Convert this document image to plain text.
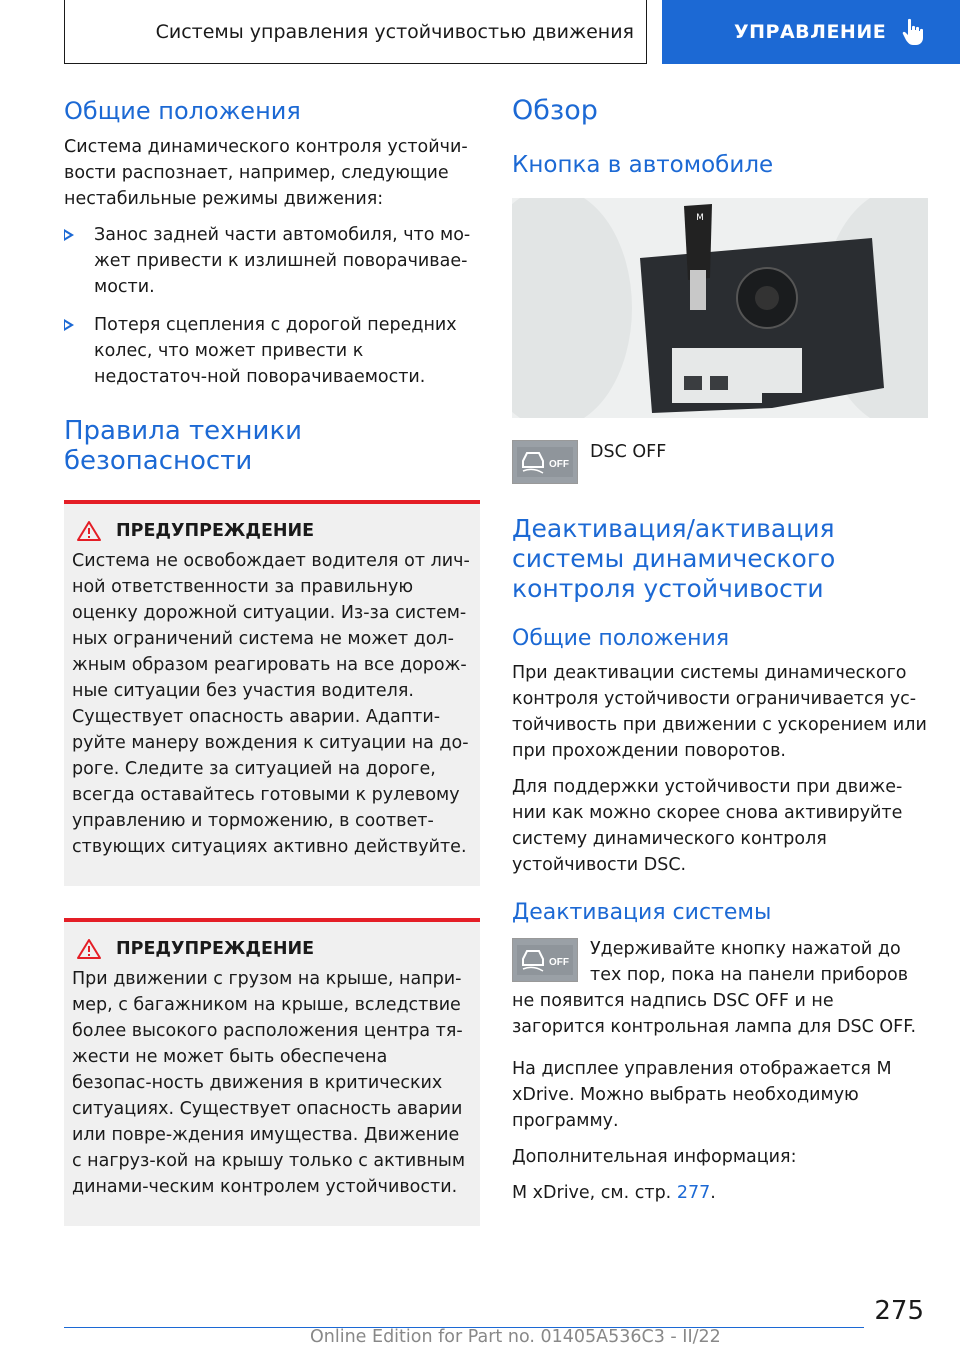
Системы управления устойчивостью движения	УПРАВЛЕНИЕ
Общие положения

Система динамического контроля устойчи-вости распознает, например, следующие нестабильные режимы движения:

Занос задней части автомобиля, что мо-жет привести к излишней поворачивае-мости.
Потеря сцепления с дорогой передних колес, что может привести к недостаточ-ной поворачиваемости.
Правила техники безопасности
ПРЕДУПРЕЖДЕНИЕ

Система не освобождает водителя от лич-ной ответственности за правильную оценку дорожной ситуации. Из-за систем-ных ограничений система не может дол-жным образом реагировать на все дорож-ные ситуации без участия водителя. Существует опасность аварии. Адапти-руйте манеру вождения к ситуации на до-роге. Следите за ситуацией на дороге, всегда оставайтесь готовыми к рулевому управлению и торможению, в соответ-ствующих ситуациях активно действуйте.

ПРЕДУПРЕЖДЕНИЕ

При движении с грузом на крыше, напри-мер, с багажником на крыше, вследствие более высокого расположения центра тя-жести не может быть обеспечена безопас-ность движения в критических ситуациях. Существует опасность аварии или повре-ждения имущества. Движение с нагруз-кой на крышу только с активным динами-ческим контролем устойчивости.

Обзор
Кнопка в автомобиле
M
OFF
DSC OFF
Деактивация/активация системы динамического контроля устойчивости
Общие положения

При деактивации системы динамического контроля устойчивости ограничивается ус-тойчивость при движении с ускорением или при прохождении поворотов.

Для поддержки устойчивости при движе-нии как можно скорее снова активируйте систему динамического контроля устойчивости DSC.

Деактивация системы
OFF

Удерживайте кнопку нажатой до тех пор, пока на панели приборов не появится надпись DSC OFF и не загорится контрольная лампа для DSC OFF.

На дисплее управления отображается M xDrive. Можно выбрать необходимую программу.

Дополнительная информация:

M xDrive, см. стр. 277.

275
Online Edition for Part no. 01405A536C3 - II/22
